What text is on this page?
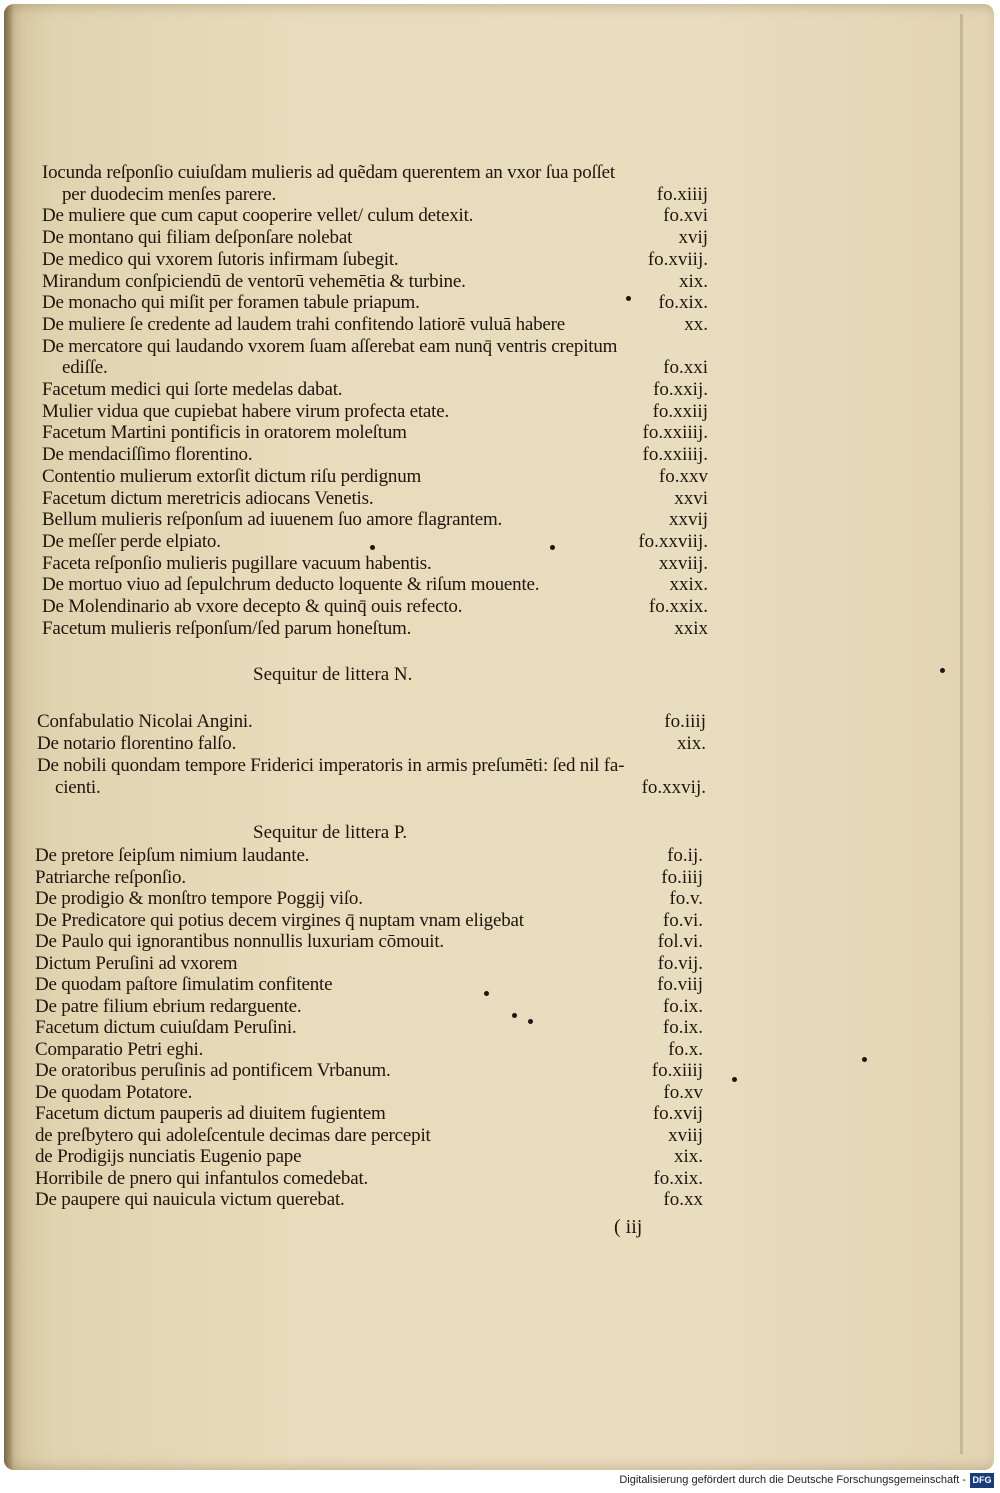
Iocunda reſponſio cuiuſdam mulieris ad quẽdam querentem an vxor ſua poſſet
per duodecim menſes parere.	fo.xiiij
De muliere que cum caput cooperire vellet/ culum detexit.	fo.xvi
De montano qui filiam deſponſare nolebat	xvij
De medico qui vxorem ſutoris infirmam ſubegit.	fo.xviij.
Mirandum conſpiciendū de ventorū vehemētia & turbine.	xix.
De monacho qui miſit per foramen tabule priapum.	fo.xix.
De muliere ſe credente ad laudem trahi confitendo latiorē vuluā habere	xx.
De mercatore qui laudando vxorem ſuam aſſerebat eam nunq̄ ventris crepitum
ediſſe.	fo.xxi
Facetum medici qui ſorte medelas dabat.	fo.xxij.
Mulier vidua que cupiebat habere virum profecta etate.	fo.xxiij
Facetum Martini pontificis in oratorem moleſtum	fo.xxiiij.
De mendaciſſimo florentino.	fo.xxiiij.
Contentio mulierum extorſit dictum riſu perdignum	fo.xxv
Facetum dictum meretricis adiocans Venetis.	xxvi
Bellum mulieris reſponſum ad iuuenem ſuo amore flagrantem.	xxvij
De meſſer perde elpiato.	fo.xxviij.
Faceta reſponſio mulieris pugillare vacuum habentis.	xxviij.
De mortuo viuo ad ſepulchrum deducto loquente & riſum mouente.	xxix.
De Molendinario ab vxore decepto & quinq̄ ouis refecto.	fo.xxix.
Facetum mulieris reſponſum/ſed parum honeſtum.	xxix
Sequitur de littera N.
Confabulatio Nicolai Angini.	fo.iiij
De notario florentino falſo.	xix.
De nobili quondam tempore Friderici imperatoris in armis preſumēti: ſed nil fa-
cienti.	fo.xxvij.
Sequitur de littera P.
De pretore ſeipſum nimium laudante.	fo.ij.
Patriarche reſponſio.	fo.iiij
De prodigio & monſtro tempore Poggij viſo.	fo.v.
De Predicatore qui potius decem virgines q̄ nuptam vnam eligebat	fo.vi.
De Paulo qui ignorantibus nonnullis luxuriam cōmouit.	fol.vi.
Dictum Peruſini ad vxorem	fo.vij.
De quodam paſtore ſimulatim confitente	fo.viij
De patre filium ebrium redarguente.	fo.ix.
Facetum dictum cuiuſdam Peruſini.	fo.ix.
Comparatio Petri eghi.	fo.x.
De oratoribus peruſinis ad pontificem Vrbanum.	fo.xiiij
De quodam Potatore.	fo.xv
Facetum dictum pauperis ad diuitem fugientem	fo.xvij
de preſbytero qui adoleſcentule decimas dare percepit	xviij
de Prodigijs nunciatis Eugenio pape	xix.
Horribile de pnero qui infantulos comedebat.	fo.xix.
De paupere qui nauicula victum querebat.	fo.xx
( iij
Digitalisierung gefördert durch die Deutsche Forschungsgemeinschaft - DFG
